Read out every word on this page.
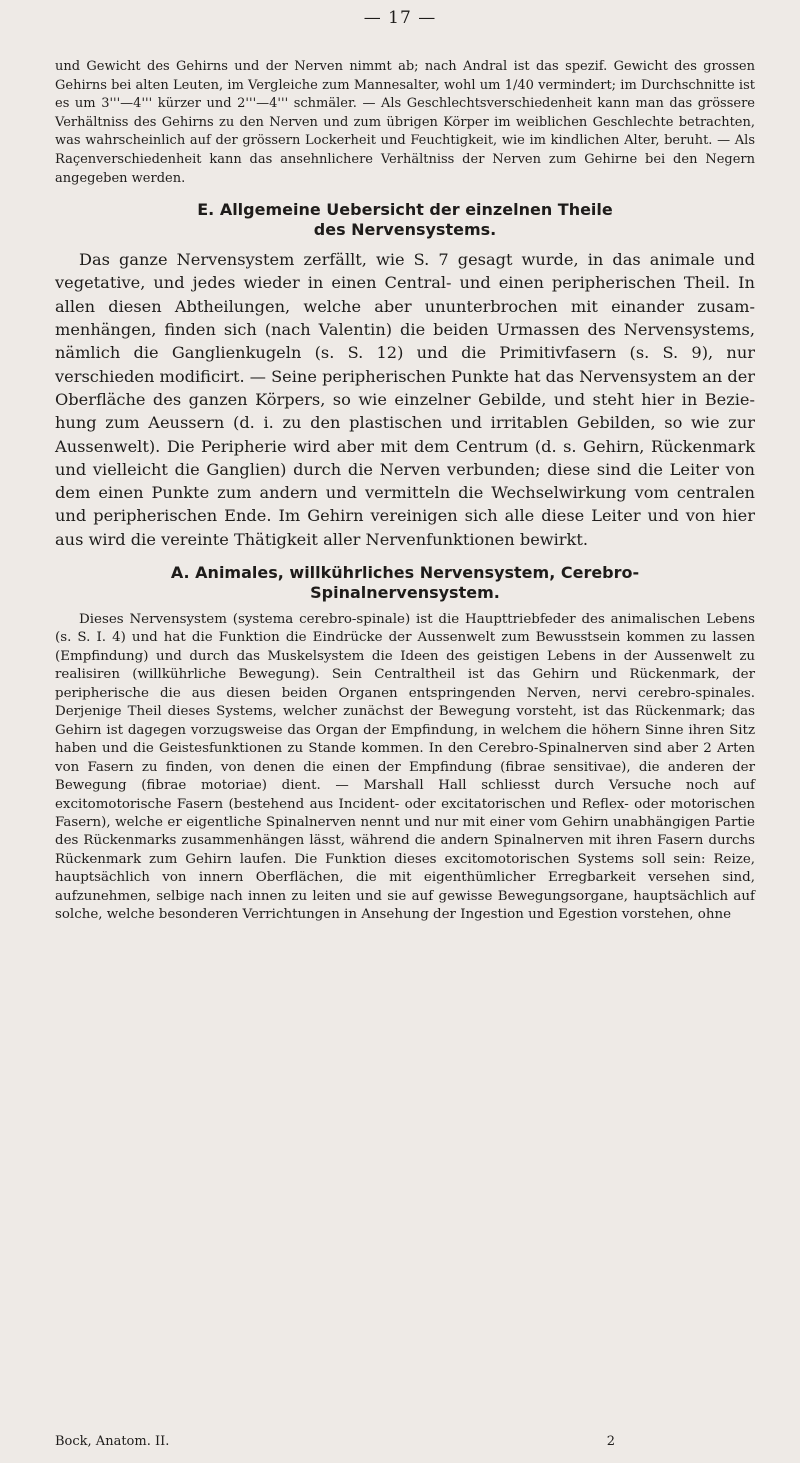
— 17 —

und Gewicht des Gehirns und der Nerven nimmt ab; nach Andral ist das spezif. Gewicht des grossen Gehirns bei alten Leuten, im Vergleiche zum Mannesalter, wohl um 1/40 vermindert; im Durchschnitte ist es um 3'''—4''' kürzer und 2'''—4''' schmäler. — Als Geschlechtsverschiedenheit kann man das grössere Verhältniss des Gehirns zu den Nerven und zum übrigen Körper im weiblichen Geschlechte betrachten, was wahrscheinlich auf der grössern Lockerheit und Feuchtigkeit, wie im kindlichen Alter, beruht. — Als Raçenverschiedenheit kann das ansehnlichere Verhältniss der Nerven zum Gehirne bei den Negern angegeben werden.

E. Allgemeine Uebersicht der einzelnen Theile
des Nervensystems.

Das ganze Nervensystem zerfällt, wie S. 7 gesagt wurde, in das animale und vegetative, und jedes wieder in einen Central- und einen peripherischen Theil. In allen diesen Abtheilungen, welche aber ununterbrochen mit einander zusammenhängen, finden sich (nach Valentin) die beiden Urmassen des Nervensystems, nämlich die Ganglienkugeln (s. S. 12) und die Primitivfasern (s. S. 9), nur verschieden modificirt. — Seine peripherischen Punkte hat das Nervensystem an der Oberfläche des ganzen Körpers, so wie einzelner Gebilde, und steht hier in Beziehung zum Aeussern (d. i. zu den plastischen und irritablen Gebilden, so wie zur Aussenwelt). Die Peripherie wird aber mit dem Centrum (d. s. Gehirn, Rückenmark und vielleicht die Ganglien) durch die Nerven verbunden; diese sind die Leiter von dem einen Punkte zum andern und vermitteln die Wechselwirkung vom centralen und peripherischen Ende. Im Gehirn vereinigen sich alle diese Leiter und von hier aus wird die vereinte Thätigkeit aller Nervenfunktionen bewirkt.

A. Animales, willkührliches Nervensystem, Cerebro-
Spinalnervensystem.

Dieses Nervensystem (systema cerebro-spinale) ist die Haupttriebfeder des animalischen Lebens (s. S. I. 4) und hat die Funktion die Eindrücke der Aussenwelt zum Bewusstsein kommen zu lassen (Empfindung) und durch das Muskelsystem die Ideen des geistigen Lebens in der Aussenwelt zu realisiren (willkührliche Bewegung). Sein Centraltheil ist das Gehirn und Rückenmark, der peripherische die aus diesen beiden Organen entspringenden Nerven, nervi cerebro-spinales. Derjenige Theil dieses Systems, welcher zunächst der Bewegung vorsteht, ist das Rückenmark; das Gehirn ist dagegen vorzugsweise das Organ der Empfindung, in welchem die höhern Sinne ihren Sitz haben und die Geistesfunktionen zu Stande kommen. In den Cerebro-Spinalnerven sind aber 2 Arten von Fasern zu finden, von denen die einen der Empfindung (fibrae sensitivae), die anderen der Bewegung (fibrae motoriae) dient. — Marshall Hall schliesst durch Versuche noch auf excitomotorische Fasern (bestehend aus Incident- oder excitatorischen und Reflex- oder motorischen Fasern), welche er eigentliche Spinalnerven nennt und nur mit einer vom Gehirn unabhängigen Partie des Rückenmarks zusammenhängen lässt, während die andern Spinalnerven mit ihren Fasern durchs Rückenmark zum Gehirn laufen. Die Funktion dieses excitomotorischen Systems soll sein: Reize, hauptsächlich von innern Oberflächen, die mit eigenthümlicher Erregbarkeit versehen sind, aufzunehmen, selbige nach innen zu leiten und sie auf gewisse Bewegungsorgane, hauptsächlich auf solche, welche besonderen Verrichtungen in Ansehung der Ingestion und Egestion vorstehen, ohne

Bock, Anatom. II.	2
